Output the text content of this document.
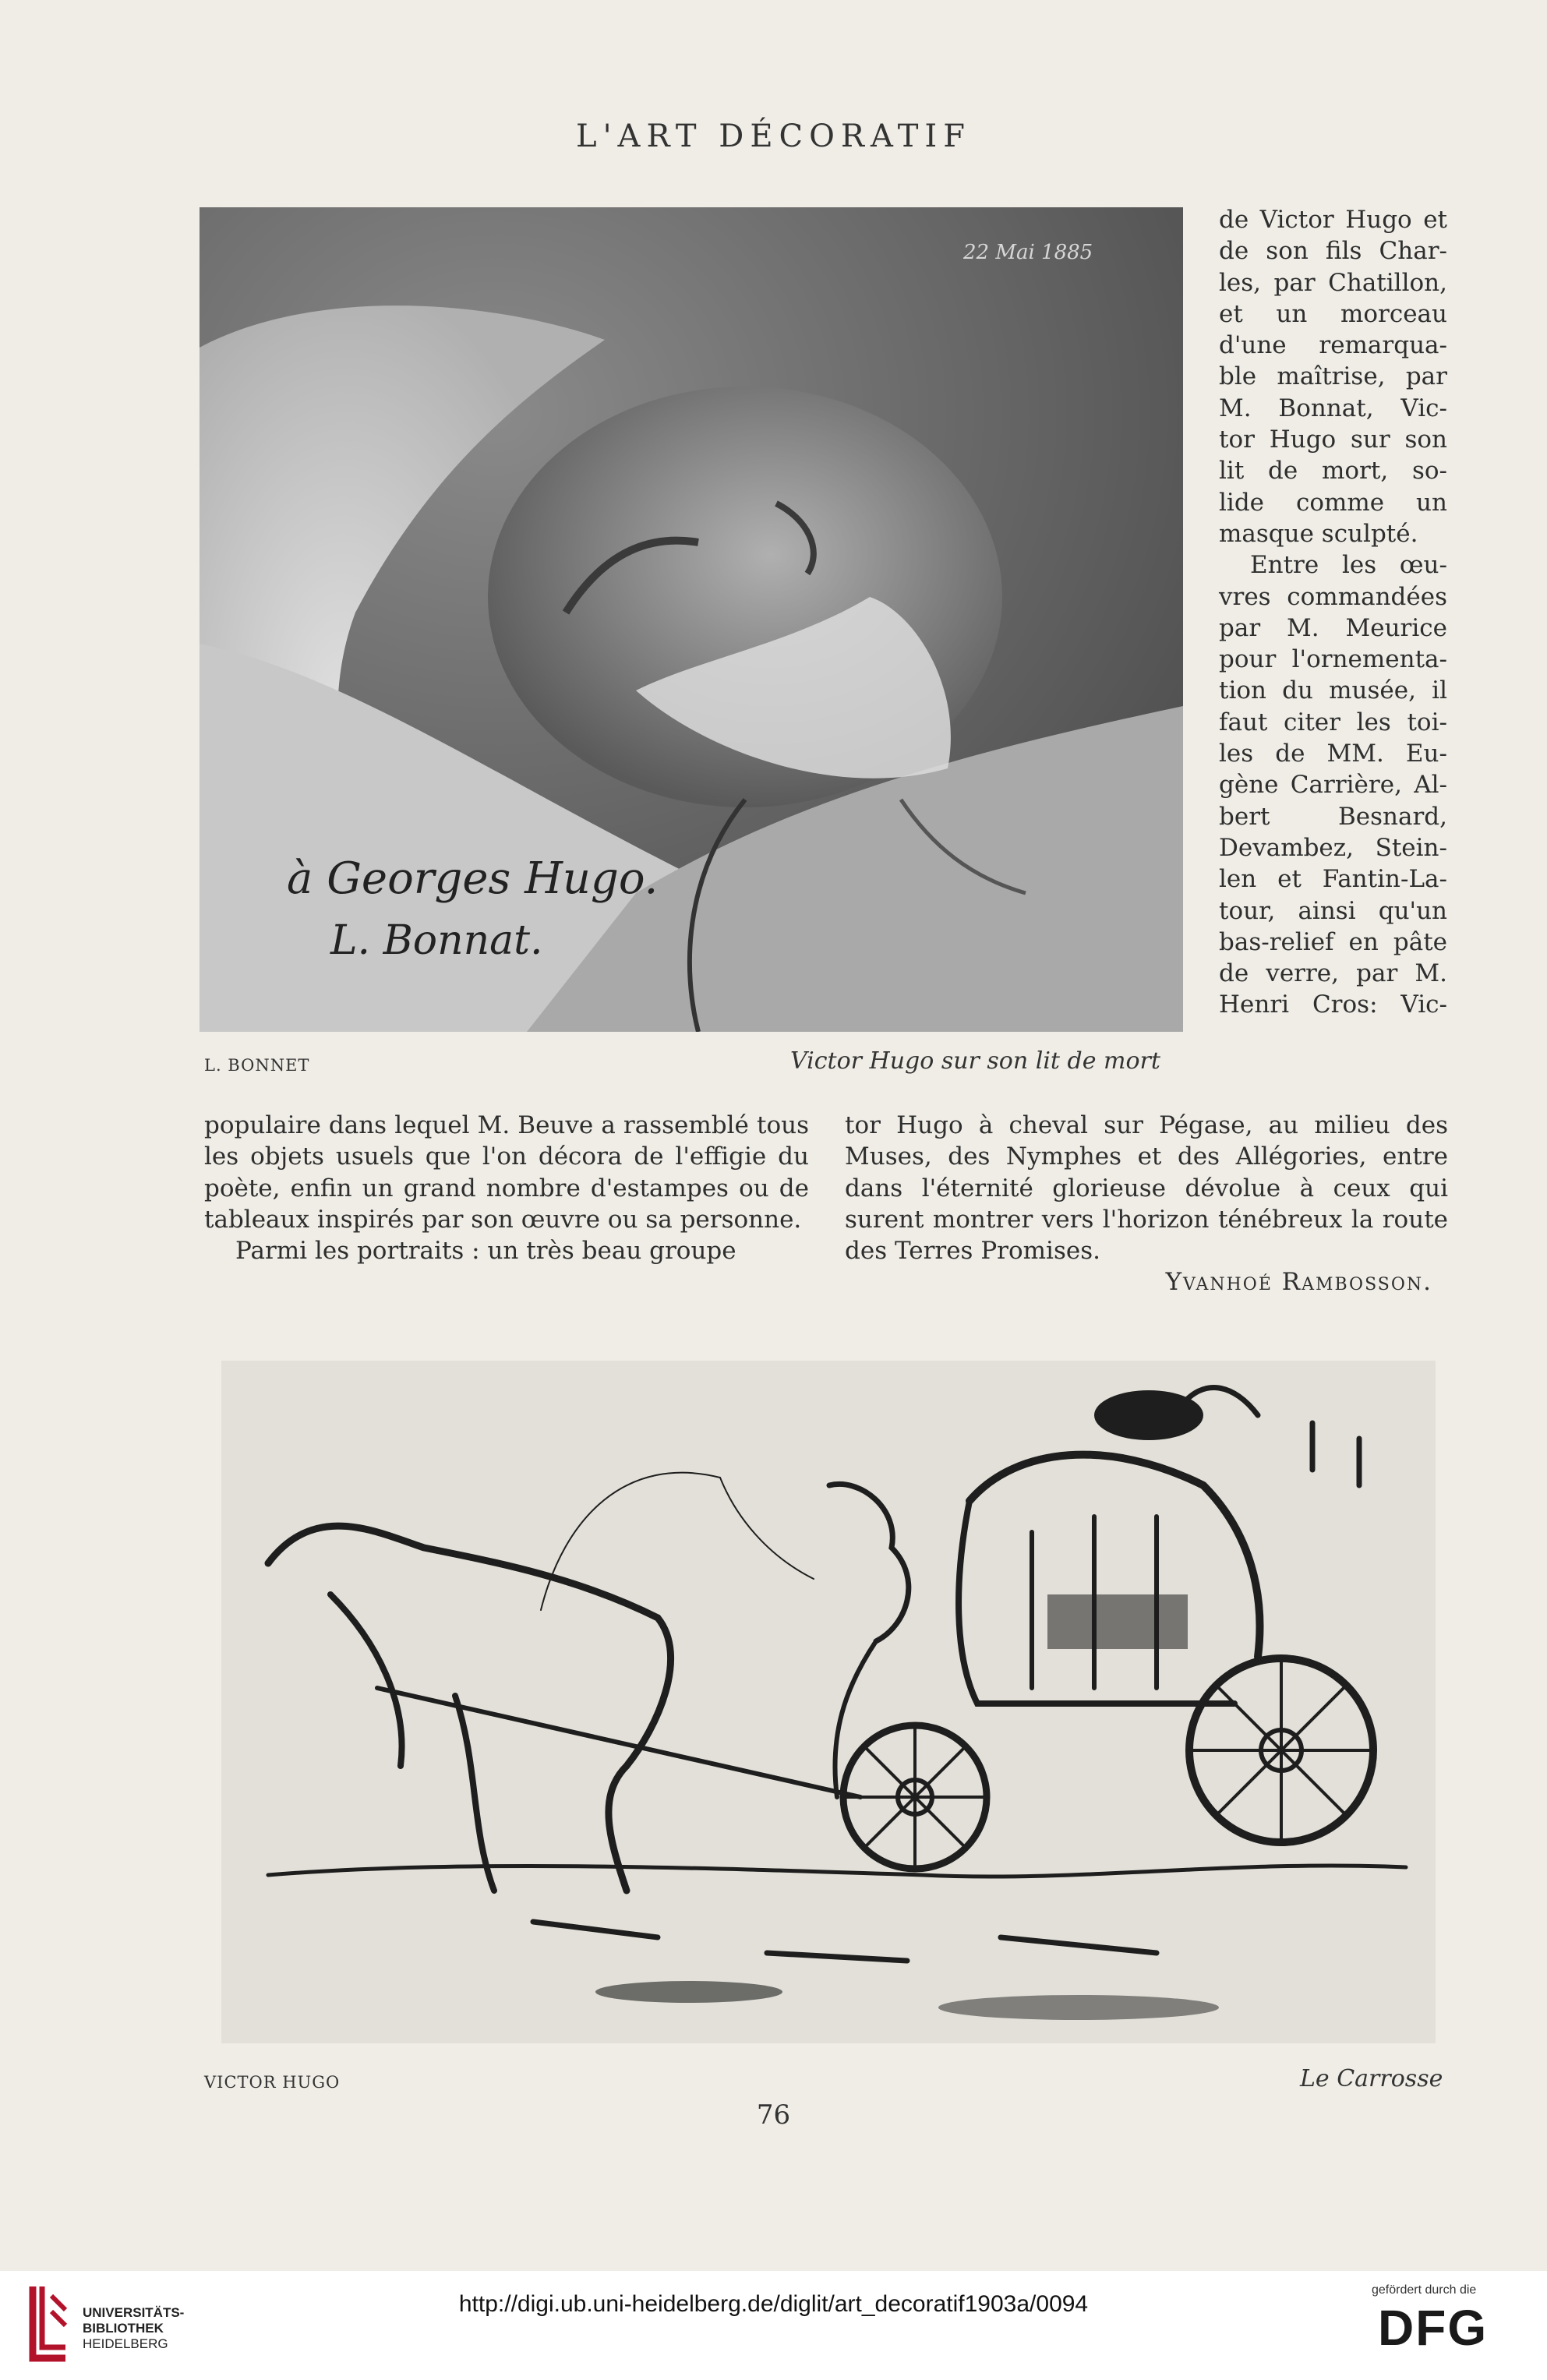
L'ART DÉCORATIF
à Georges Hugo.
L. Bonnat.
22 Mai 1885
L. BONNET	Victor Hugo sur son lit de mort
de Victor Hugo et
de son fils Char-
les, par Chatillon,
et un morceau
d'une remarqua-
ble maîtrise, par
M. Bonnat, Vic-
tor Hugo sur son
lit de mort, so-
lide comme un
masque sculpté.
Entre les œu-
vres commandées
par M. Meurice
pour l'ornementa-
tion du musée, il
faut citer les toi-
les de MM. Eu-
gène Carrière, Al-
bert Besnard,
Devambez, Stein-
len et Fantin-La-
tour, ainsi qu'un
bas-relief en pâte
de verre, par M.
Henri Cros: Vic-

populaire dans lequel M. Beuve a rassemblé tous les objets usuels que l'on décora de l'effigie du poète, enfin un grand nombre d'estampes ou de tableaux inspirés par son œuvre ou sa personne.

Parmi les portraits : un très beau groupe

tor Hugo à cheval sur Pégase, au milieu des Muses, des Nymphes et des Allégories, entre dans l'éternité glorieuse dévolue à ceux qui surent montrer vers l'horizon ténébreux la route des Terres Promises.

Yvanhoé Rambosson.

VICTOR HUGO	Le Carrosse
76
UNIVERSITÄTS-
BIBLIOTHEK
HEIDELBERG
http://digi.ub.uni-heidelberg.de/diglit/art_decoratif1903a/0094
gefördert durch die
DFG
